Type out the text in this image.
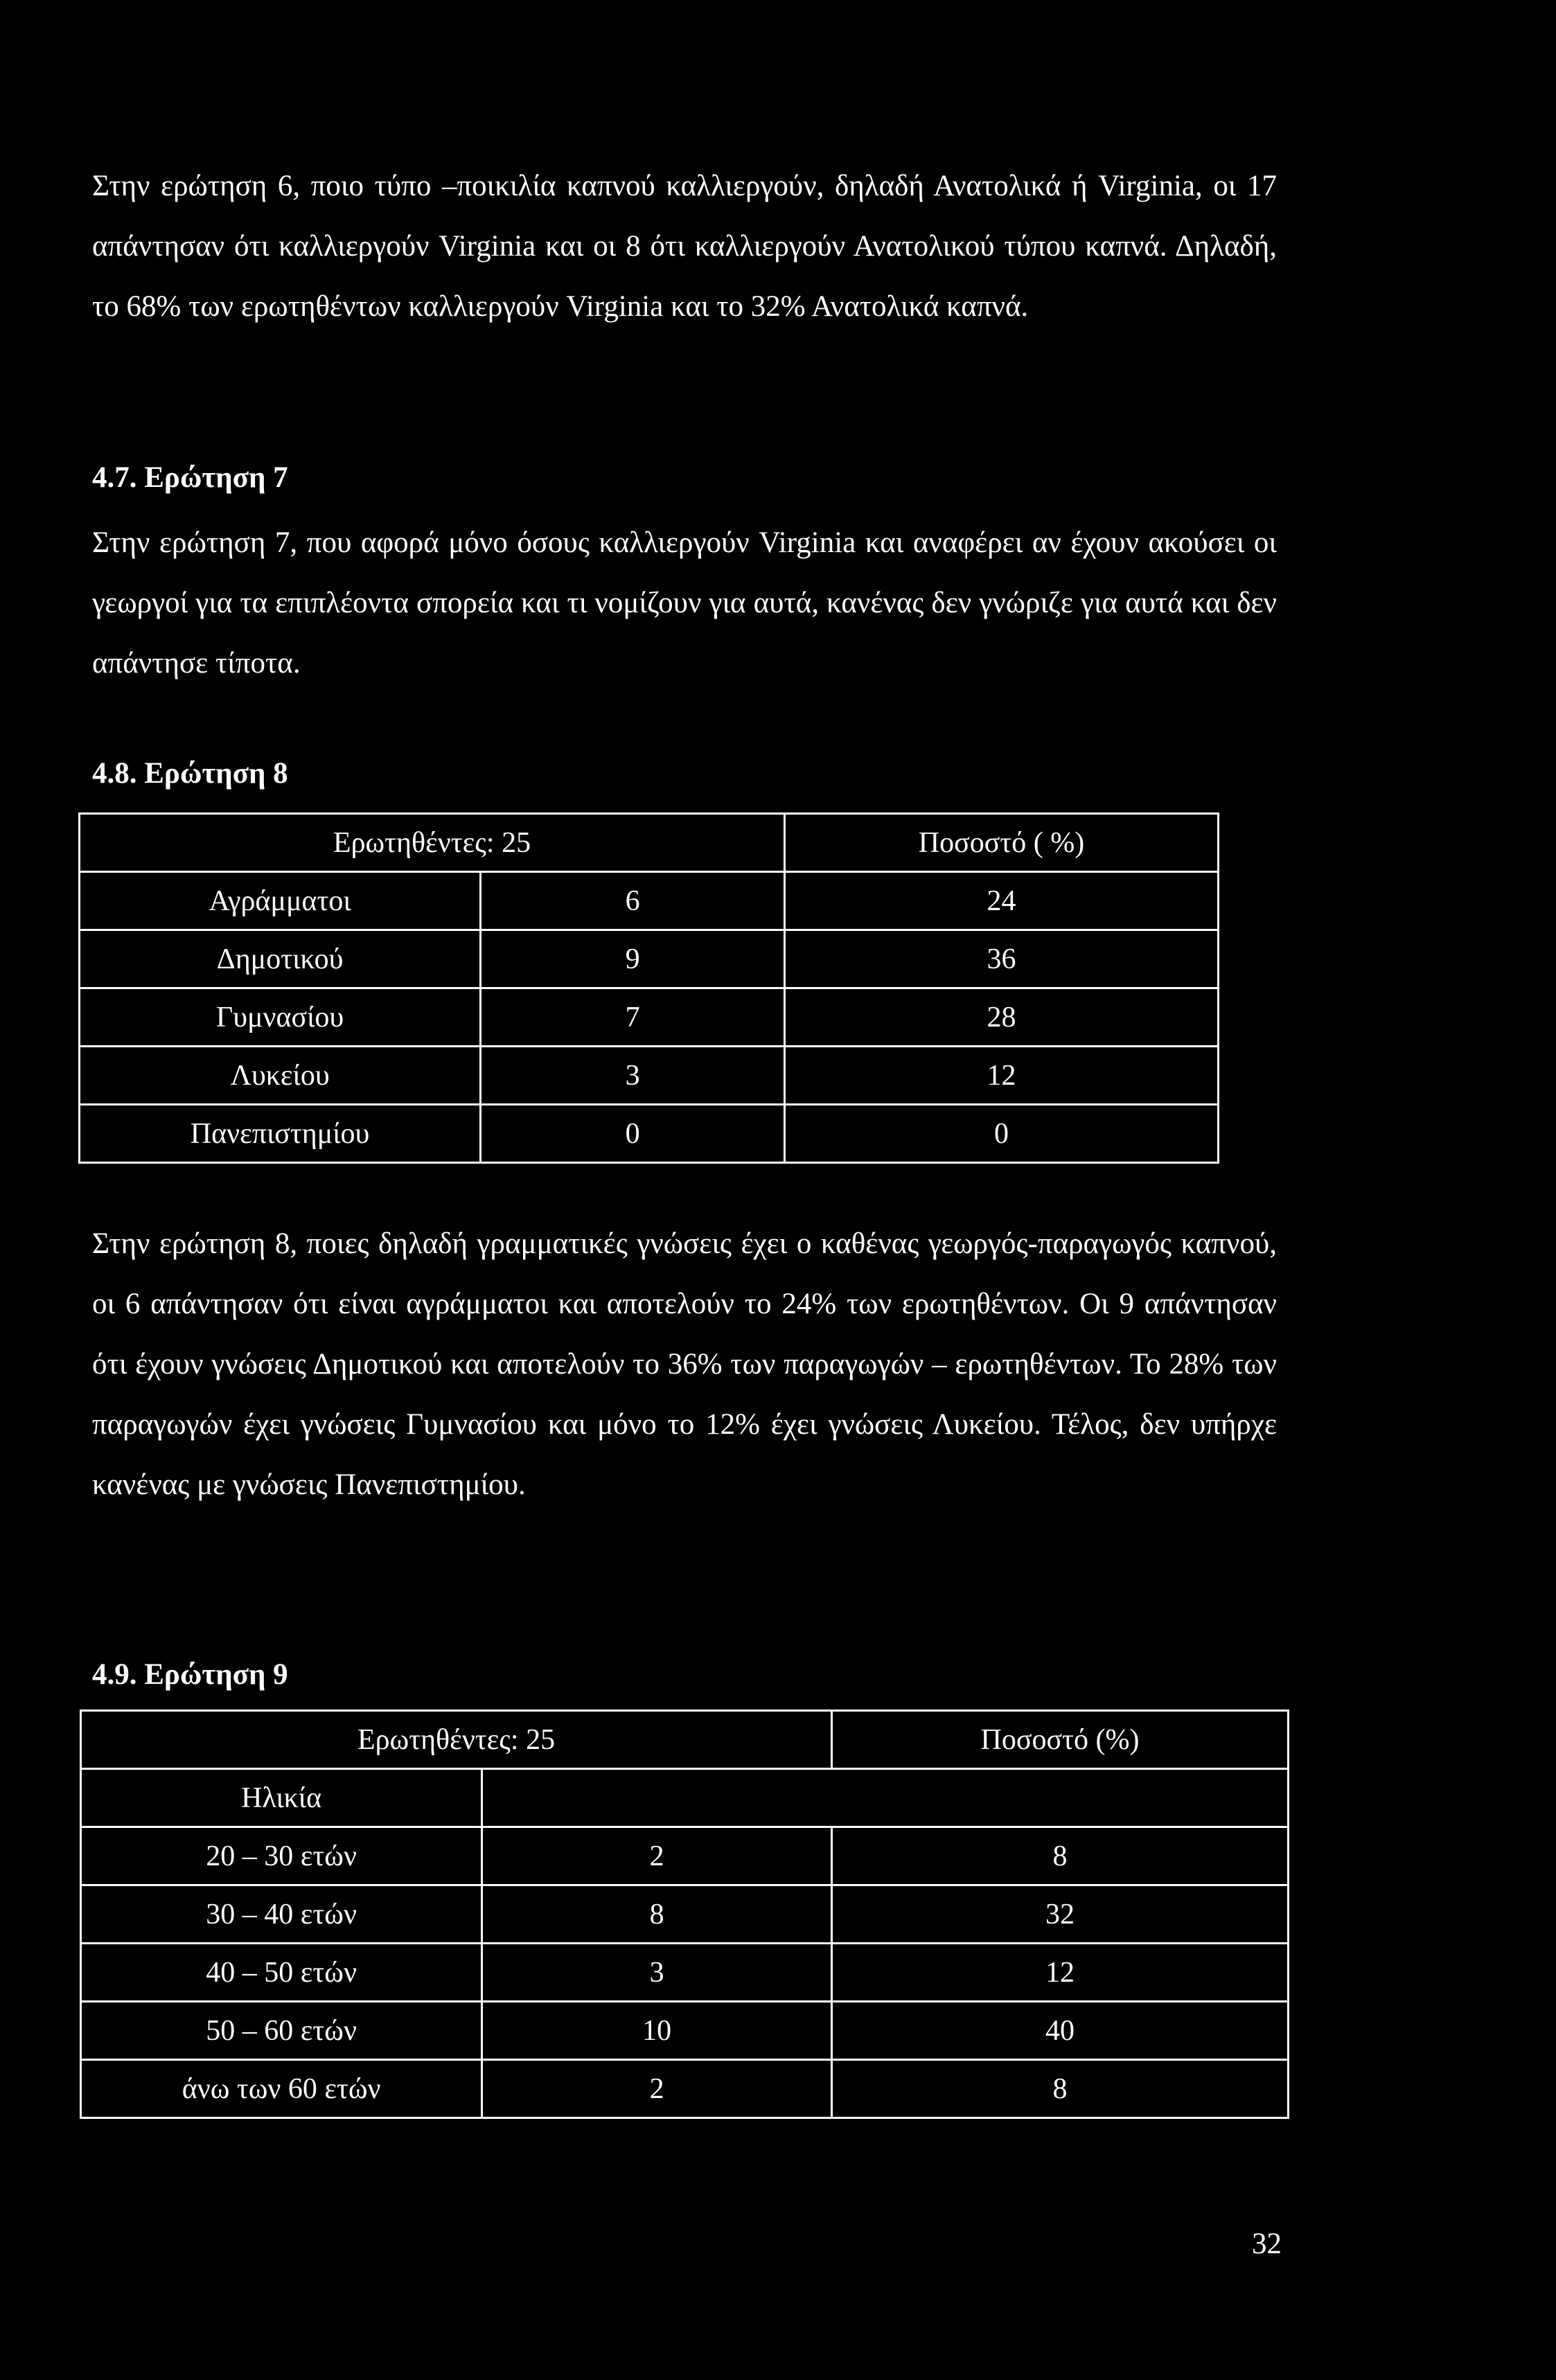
Στην ερώτηση 6, ποιο τύπο –ποικιλία καπνού καλλιεργούν, δηλαδή Ανατολικά ή Virginia, οι 17 απάντησαν ότι καλλιεργούν Virginia και οι 8 ότι καλλιεργούν Ανατολικού τύπου καπνά. Δηλαδή, το 68% των ερωτηθέντων καλλιεργούν Virginia και το 32% Ανατολικά καπνά.

4.7. Ερώτηση 7

Στην ερώτηση 7, που αφορά μόνο όσους καλλιεργούν Virginia και αναφέρει αν έχουν ακούσει οι γεωργοί για τα επιπλέοντα σπορεία και τι νομίζουν για αυτά, κανένας δεν γνώριζε για αυτά και δεν απάντησε τίποτα.

4.8. Ερώτηση 8

Ερωτηθέντες: 25		Ποσοστό ( %)
Αγράμματοι	6	24
Δημοτικού	9	36
Γυμνασίου	7	28
Λυκείου	3	12
Πανεπιστημίου	0	0

Στην ερώτηση 8, ποιες δηλαδή γραμματικές γνώσεις έχει ο καθένας γεωργός-παραγωγός καπνού, οι 6 απάντησαν ότι είναι αγράμματοι και αποτελούν το 24% των ερωτηθέντων. Οι 9 απάντησαν ότι έχουν γνώσεις Δημοτικού και αποτελούν το 36% των παραγωγών – ερωτηθέντων. Το 28% των παραγωγών έχει γνώσεις Γυμνασίου και μόνο το 12% έχει γνώσεις Λυκείου. Τέλος, δεν υπήρχε κανένας με γνώσεις Πανεπιστημίου.

4.9. Ερώτηση 9

Ερωτηθέντες: 25		Ποσοστό (%)
Ηλικία		
20 – 30 ετών	2	8
30 – 40 ετών	8	32
40 – 50 ετών	3	12
50 – 60 ετών	10	40
άνω των 60 ετών	2	8

32
